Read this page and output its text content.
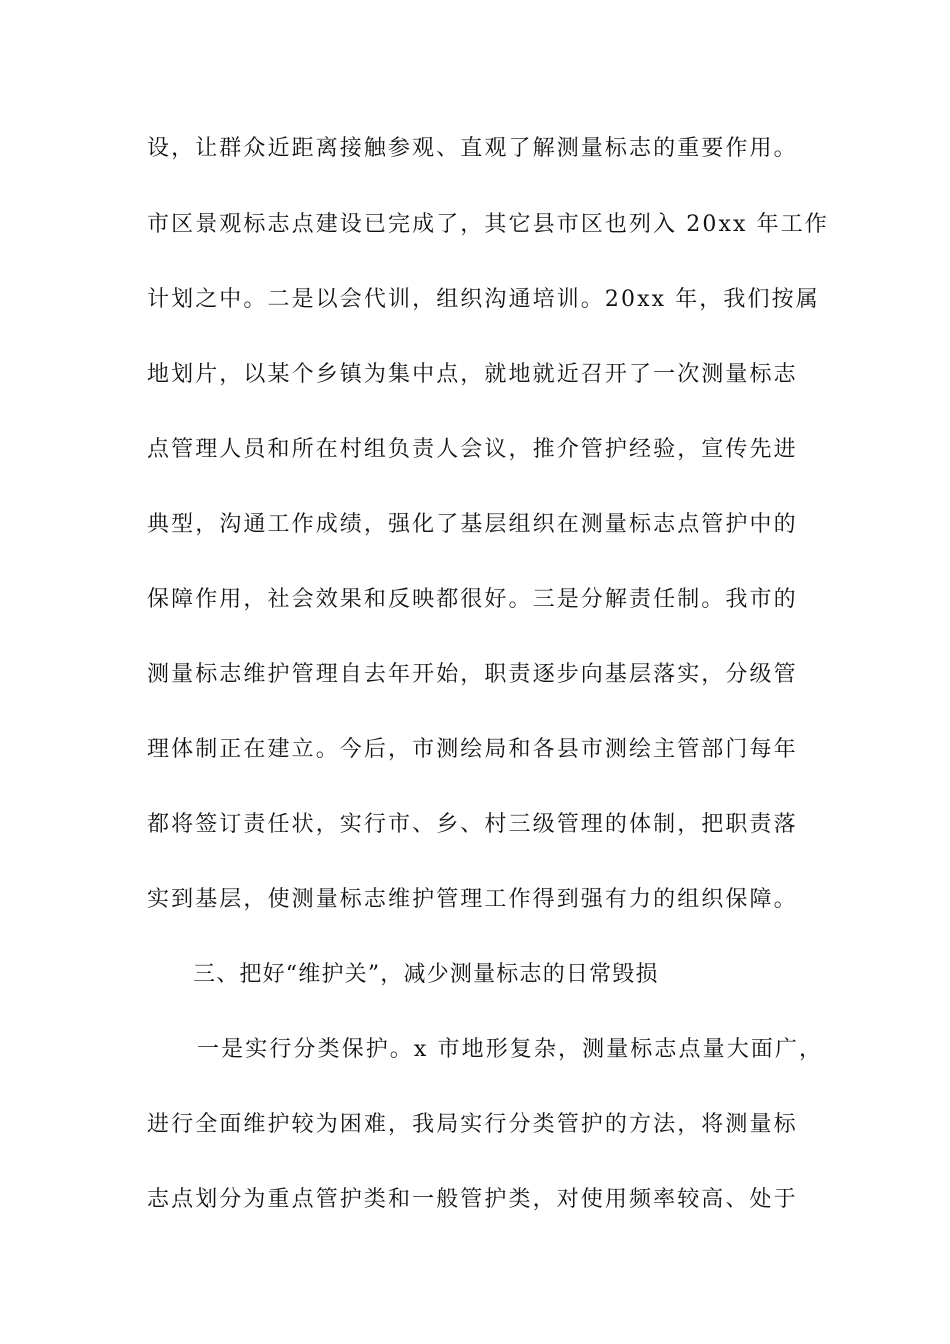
设，让群众近距离接触参观、直观了解测量标志的重要作用。
市区景观标志点建设已完成了，其它县市区也列入 20xx 年工作
计划之中。二是以会代训，组织沟通培训。20xx 年，我们按属
地划片，以某个乡镇为集中点，就地就近召开了一次测量标志
点管理人员和所在村组负责人会议，推介管护经验，宣传先进
典型，沟通工作成绩，强化了基层组织在测量标志点管护中的
保障作用，社会效果和反映都很好。三是分解责任制。我市的
测量标志维护管理自去年开始，职责逐步向基层落实，分级管
理体制正在建立。今后，市测绘局和各县市测绘主管部门每年
都将签订责任状，实行市、乡、村三级管理的体制，把职责落
实到基层，使测量标志维护管理工作得到强有力的组织保障。
三、把好“维护关”，减少测量标志的日常毁损
一是实行分类保护。x 市地形复杂，测量标志点量大面广，
进行全面维护较为困难，我局实行分类管护的方法，将测量标
志点划分为重点管护类和一般管护类，对使用频率较高、处于
